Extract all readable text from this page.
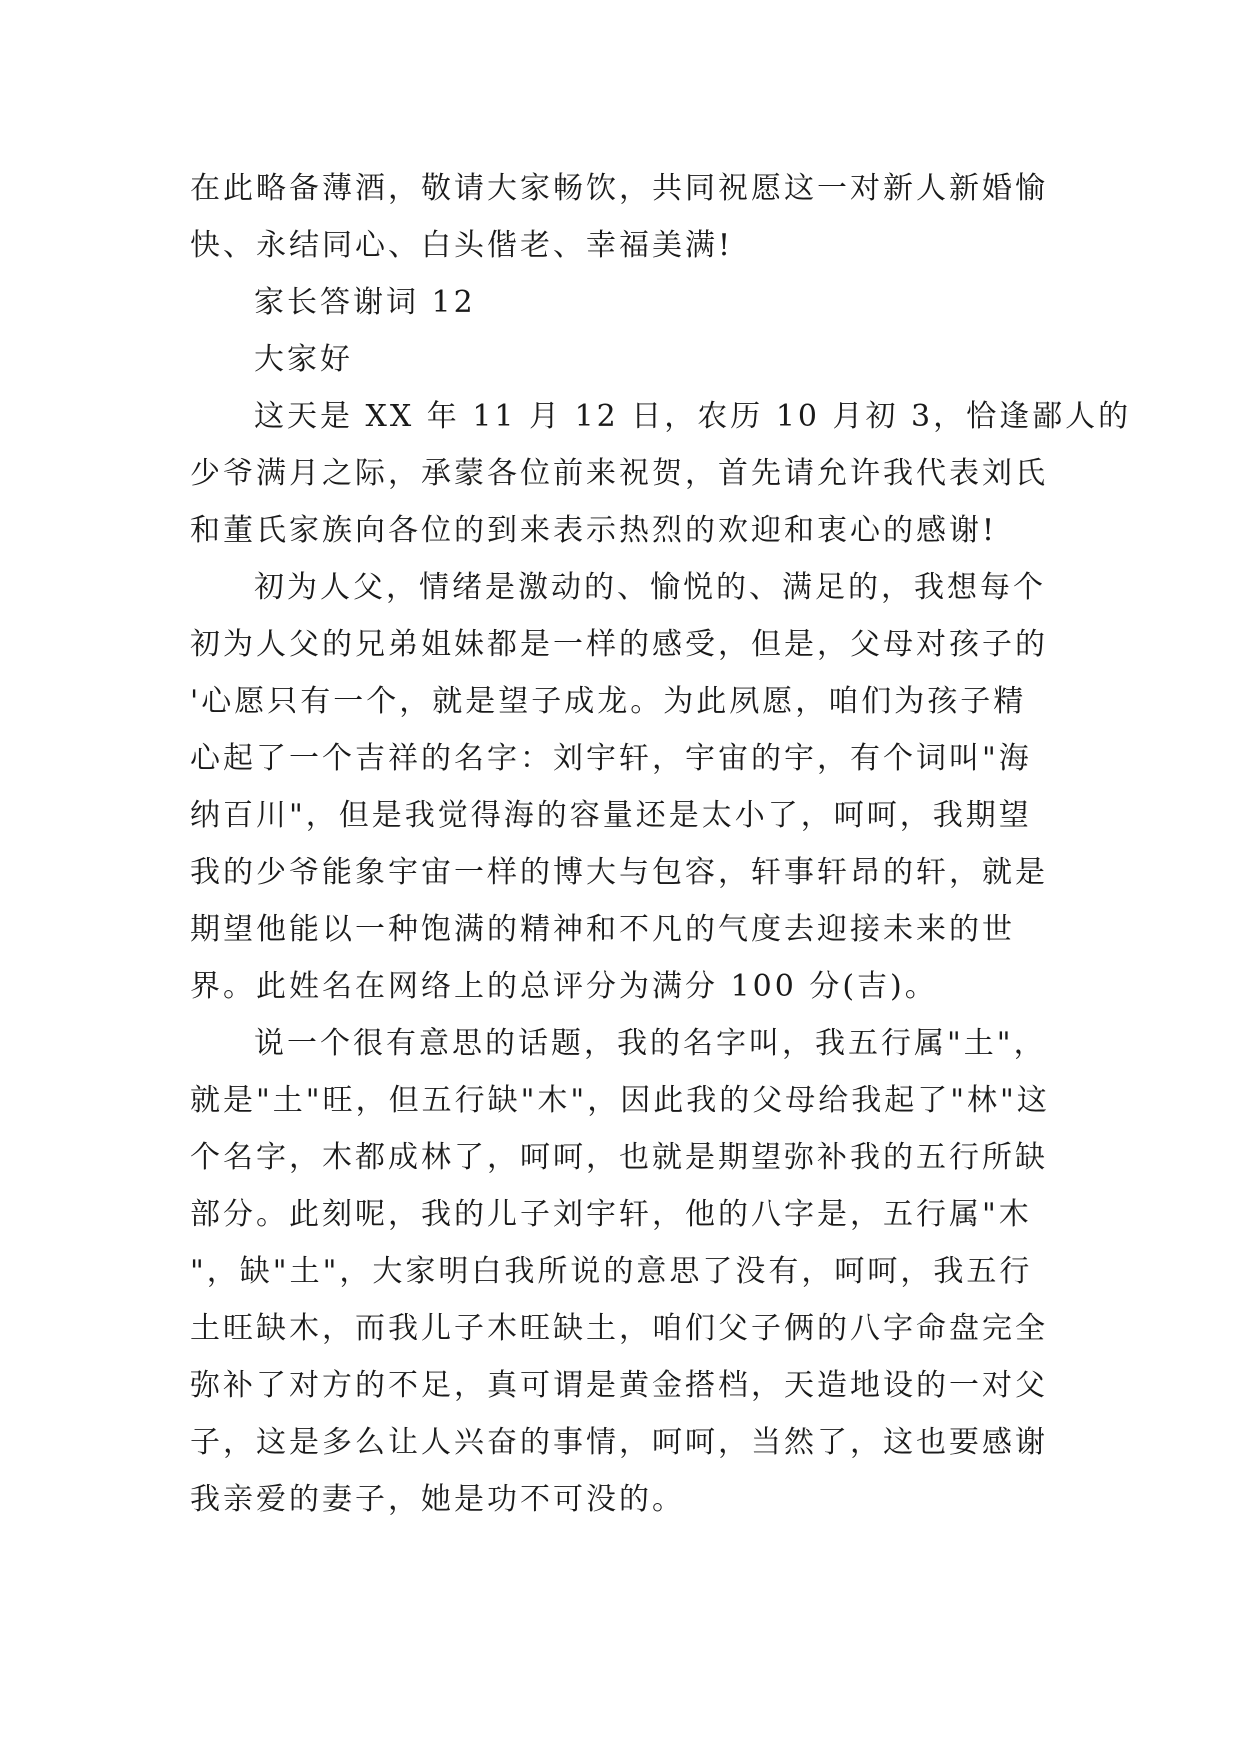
在此略备薄酒，敬请大家畅饮，共同祝愿这一对新人新婚愉

快、永结同心、白头偕老、幸福美满!

家长答谢词 12

大家好

这天是 XX 年 11 月 12 日，农历 10 月初 3，恰逢鄙人的

少爷满月之际，承蒙各位前来祝贺，首先请允许我代表刘氏

和董氏家族向各位的到来表示热烈的欢迎和衷心的感谢!

初为人父，情绪是激动的、愉悦的、满足的，我想每个

初为人父的兄弟姐妹都是一样的感受，但是，父母对孩子的

'心愿只有一个，就是望子成龙。为此夙愿，咱们为孩子精

心起了一个吉祥的名字：刘宇轩，宇宙的宇，有个词叫"海

纳百川"，但是我觉得海的容量还是太小了，呵呵，我期望

我的少爷能象宇宙一样的博大与包容，轩事轩昂的轩，就是

期望他能以一种饱满的精神和不凡的气度去迎接未来的世

界。此姓名在网络上的总评分为满分 100 分(吉)。

说一个很有意思的话题，我的名字叫，我五行属"土"，

就是"土"旺，但五行缺"木"，因此我的父母给我起了"林"这

个名字，木都成林了，呵呵，也就是期望弥补我的五行所缺

部分。此刻呢，我的儿子刘宇轩，他的八字是，五行属"木

"，缺"土"，大家明白我所说的意思了没有，呵呵，我五行

土旺缺木，而我儿子木旺缺土，咱们父子俩的八字命盘完全

弥补了对方的不足，真可谓是黄金搭档，天造地设的一对父

子，这是多么让人兴奋的事情，呵呵，当然了，这也要感谢

我亲爱的妻子，她是功不可没的。
